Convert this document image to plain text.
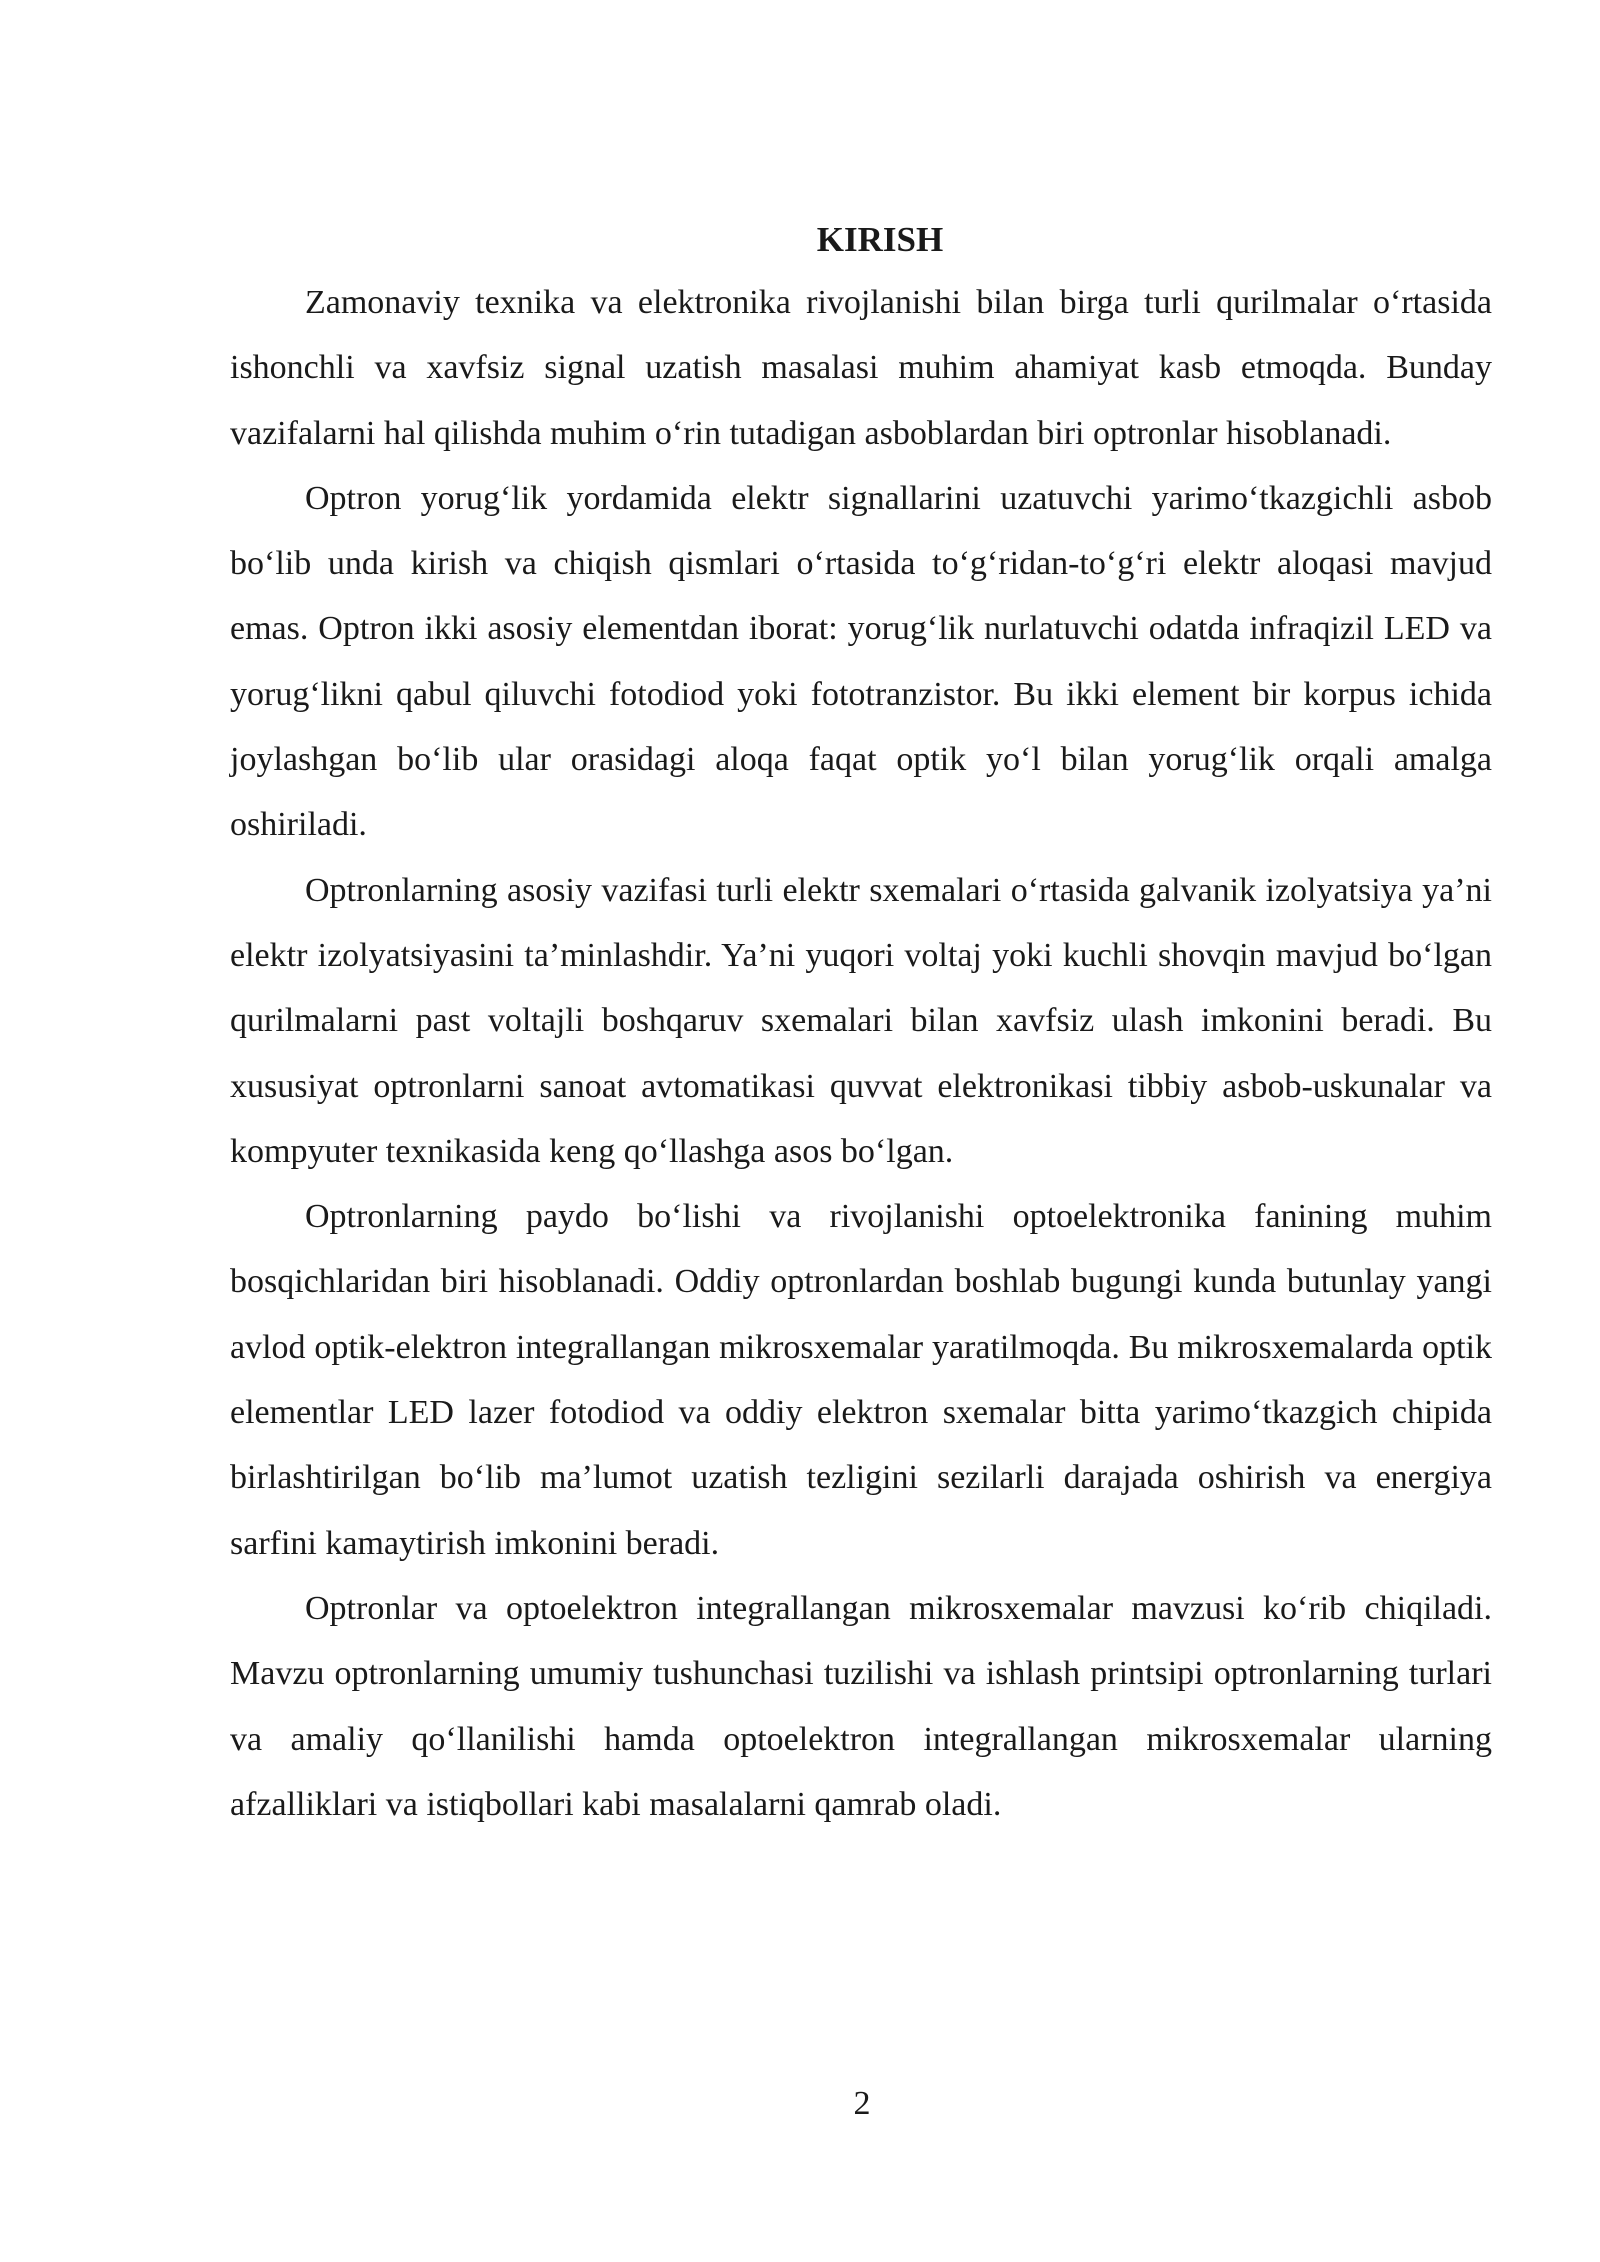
KIRISH

Zamonaviy texnika va elektronika rivojlanishi bilan birga turli qurilmalar o‘rtasida ishonchli va xavfsiz signal uzatish masalasi muhim ahamiyat kasb etmoqda. Bunday vazifalarni hal qilishda muhim o‘rin tutadigan asboblardan biri optronlar hisoblanadi.

Optron yorug‘lik yordamida elektr signallarini uzatuvchi yarimo‘tkazgichli asbob bo‘lib unda kirish va chiqish qismlari o‘rtasida to‘g‘ridan-to‘g‘ri elektr aloqasi mavjud emas. Optron ikki asosiy elementdan iborat: yorug‘lik nurlatuvchi odatda infraqizil LED va yorug‘likni qabul qiluvchi fotodiod yoki fototranzistor. Bu ikki element bir korpus ichida joylashgan bo‘lib ular orasidagi aloqa faqat optik yo‘l bilan yorug‘lik orqali amalga oshiriladi.

Optronlarning asosiy vazifasi turli elektr sxemalari o‘rtasida galvanik izolyatsiya ya’ni elektr izolyatsiyasini ta’minlashdir. Ya’ni yuqori voltaj yoki kuchli shovqin mavjud bo‘lgan qurilmalarni past voltajli boshqaruv sxemalari bilan xavfsiz ulash imkonini beradi. Bu xususiyat optronlarni sanoat avtomatikasi quvvat elektronikasi tibbiy asbob-uskunalar va kompyuter texnikasida keng qo‘llashga asos bo‘lgan.

Optronlarning paydo bo‘lishi va rivojlanishi optoelektronika fanining muhim bosqichlaridan biri hisoblanadi. Oddiy optronlardan boshlab bugungi kunda butunlay yangi avlod optik-elektron integrallangan mikrosxemalar yaratilmoqda. Bu mikrosxemalarda optik elementlar LED lazer fotodiod va oddiy elektron sxemalar bitta yarimo‘tkazgich chipida birlashtirilgan bo‘lib ma’lumot uzatish tezligini sezilarli darajada oshirish va energiya sarfini kamaytirish imkonini beradi.

Optronlar va optoelektron integrallangan mikrosxemalar mavzusi ko‘rib chiqiladi. Mavzu optronlarning umumiy tushunchasi tuzilishi va ishlash printsipi optronlarning turlari va amaliy qo‘llanilishi hamda optoelektron integrallangan mikrosxemalar ularning afzalliklari va istiqbollari kabi masalalarni qamrab oladi.

2
